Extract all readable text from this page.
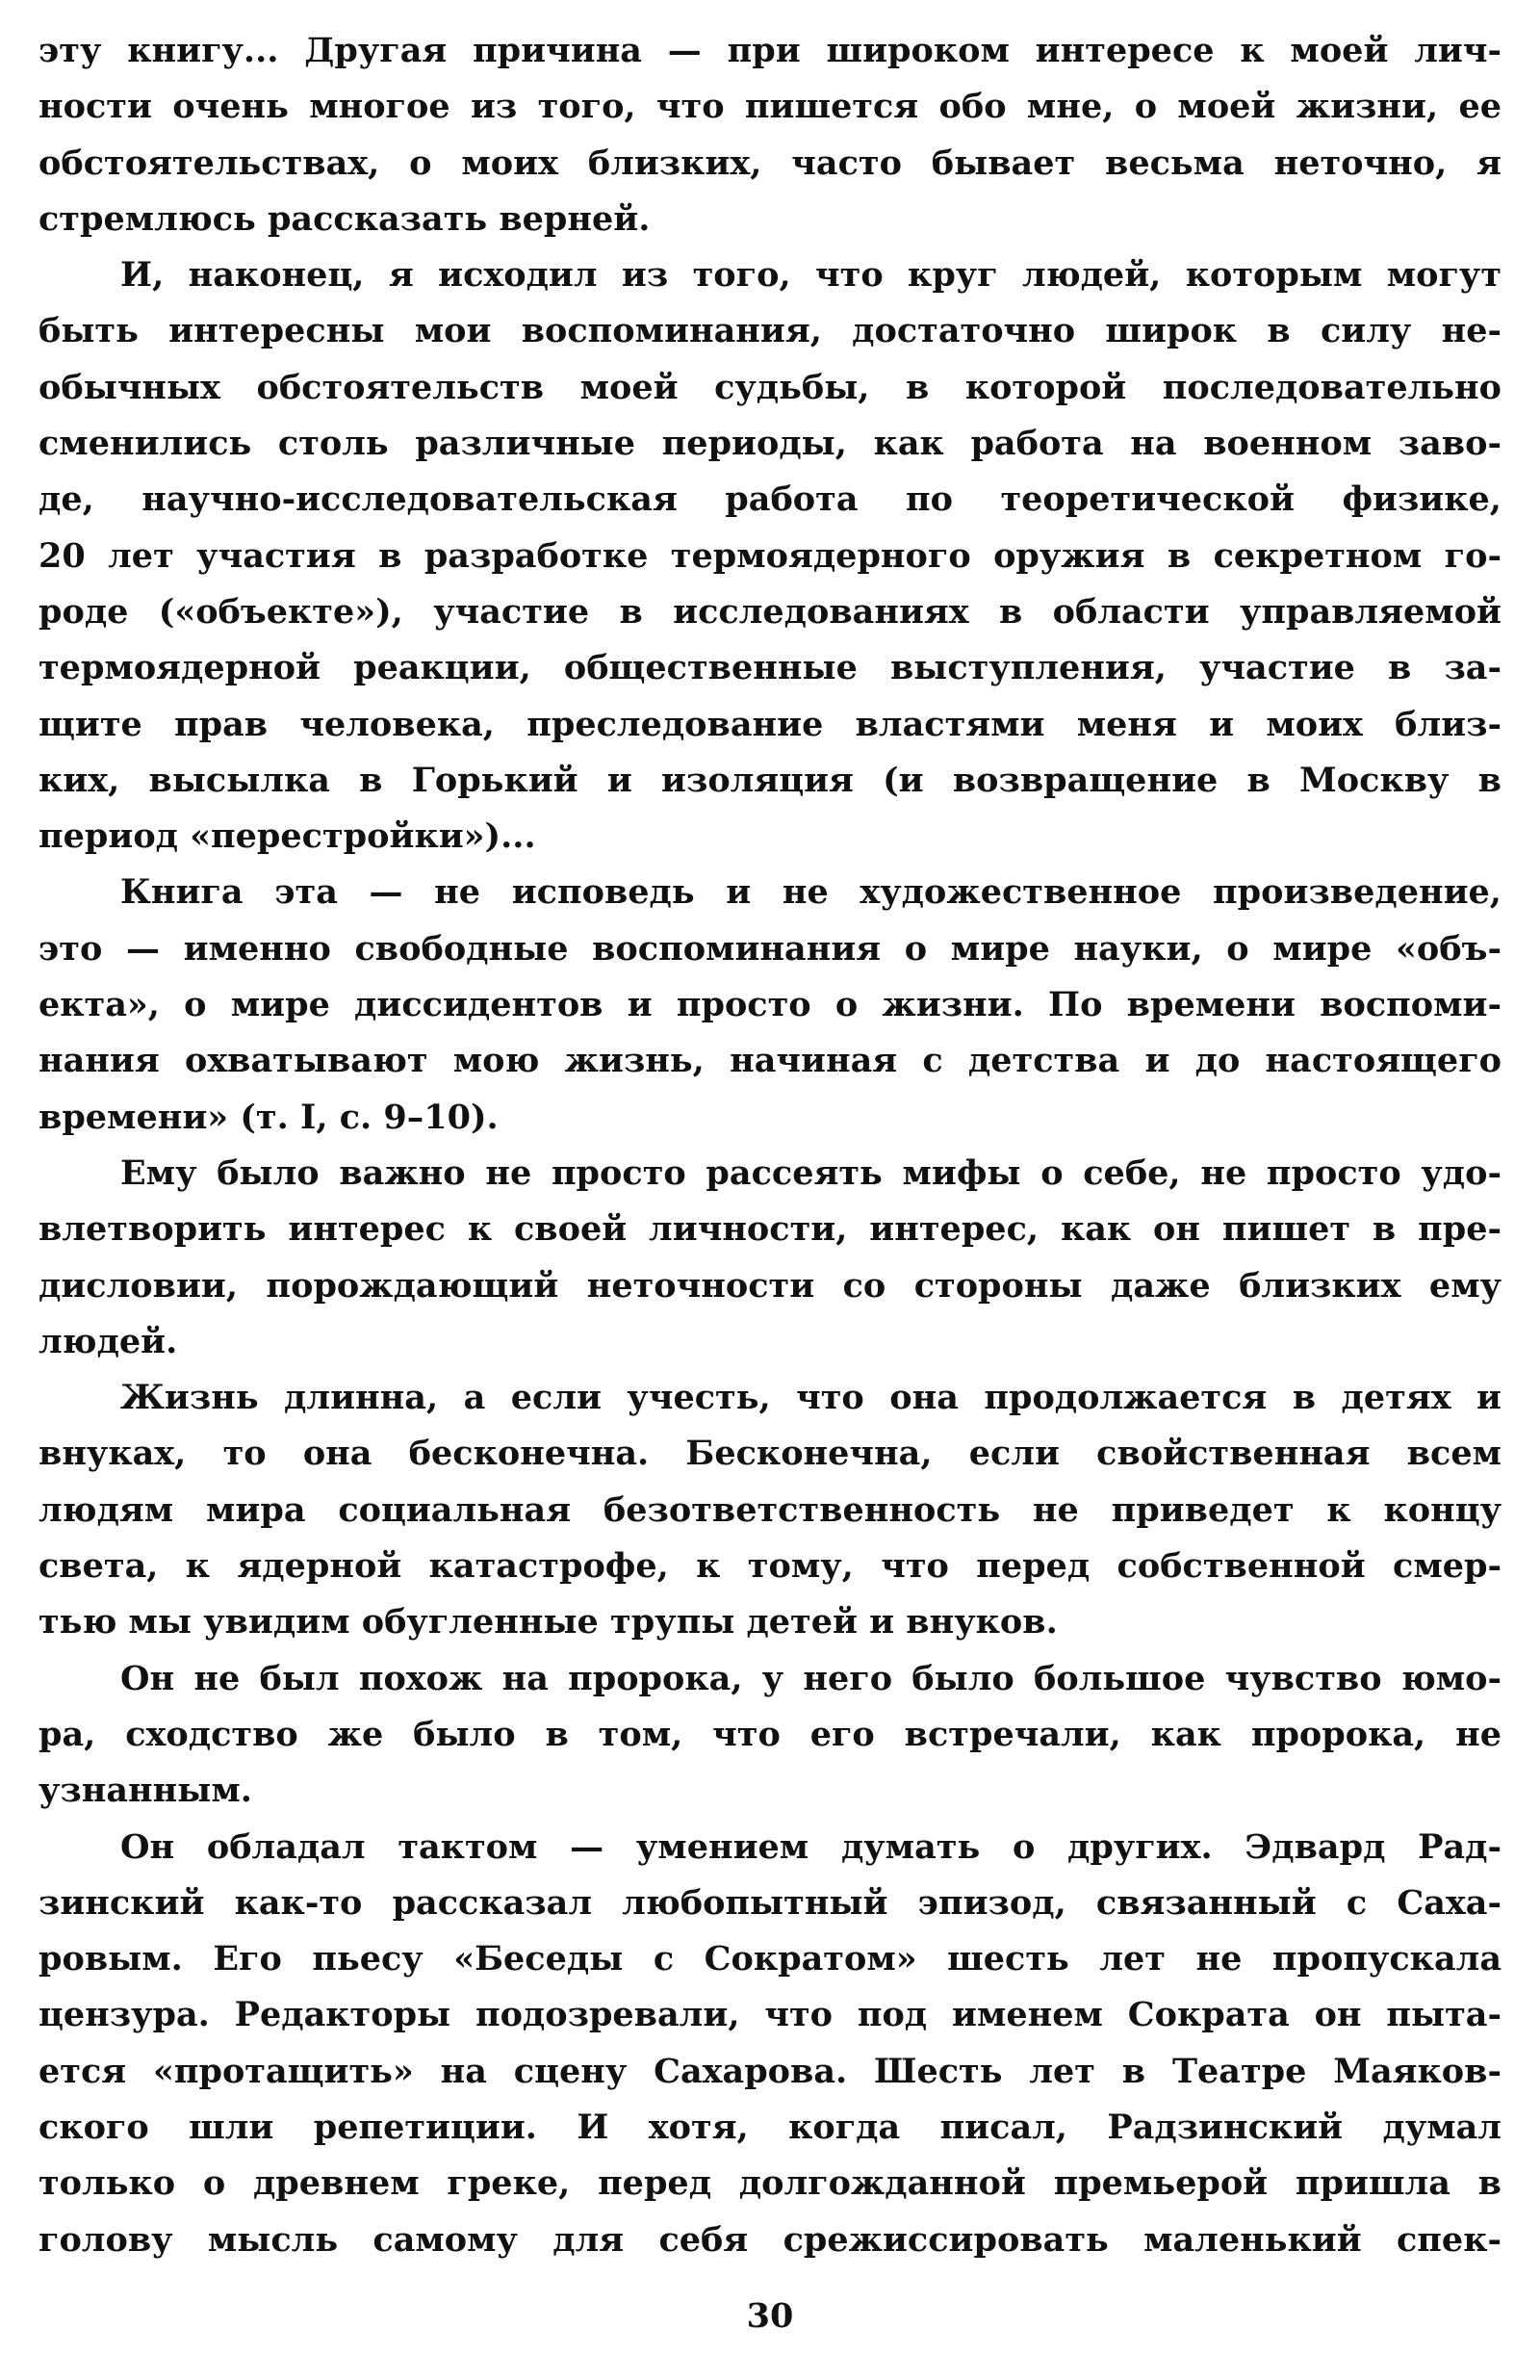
эту книгу... Другая причина — при широком интересе к моей лич-
ности очень многое из того, что пишется обо мне, о моей жизни, ее
обстоятельствах, о моих близких, часто бывает весьма неточно, я
стремлюсь рассказать верней.
И, наконец, я исходил из того, что круг людей, которым могут
быть интересны мои воспоминания, достаточно широк в силу не-
обычных обстоятельств моей судьбы, в которой последовательно
сменились столь различные периоды, как работа на военном заво-
де, научно-исследовательская работа по теоретической физике,
20 лет участия в разработке термоядерного оружия в секретном го-
роде («объекте»), участие в исследованиях в области управляемой
термоядерной реакции, общественные выступления, участие в за-
щите прав человека, преследование властями меня и моих близ-
ких, высылка в Горький и изоляция (и возвращение в Москву в
период «перестройки»)...
Книга эта — не исповедь и не художественное произведение,
это — именно свободные воспоминания о мире науки, о мире «объ-
екта», о мире диссидентов и просто о жизни. По времени воспоми-
нания охватывают мою жизнь, начиная с детства и до настоящего
времени» (т. I, с. 9–10).
Ему было важно не просто рассеять мифы о себе, не просто удо-
влетворить интерес к своей личности, интерес, как он пишет в пре-
дисловии, порождающий неточности со стороны даже близких ему
людей.
Жизнь длинна, а если учесть, что она продолжается в детях и
внуках, то она бесконечна. Бесконечна, если свойственная всем
людям мира социальная безответственность не приведет к концу
света, к ядерной катастрофе, к тому, что перед собственной смер-
тью мы увидим обугленные трупы детей и внуков.
Он не был похож на пророка, у него было большое чувство юмо-
ра, сходство же было в том, что его встречали, как пророка, не
узнанным.
Он обладал тактом — умением думать о других. Эдвард Рад-
зинский как-то рассказал любопытный эпизод, связанный с Саха-
ровым. Его пьесу «Беседы с Сократом» шесть лет не пропускала
цензура. Редакторы подозревали, что под именем Сократа он пыта-
ется «протащить» на сцену Сахарова. Шесть лет в Театре Маяков-
ского шли репетиции. И хотя, когда писал, Радзинский думал
только о древнем греке, перед долгожданной премьерой пришла в
голову мысль самому для себя срежиссировать маленький спек-
30
